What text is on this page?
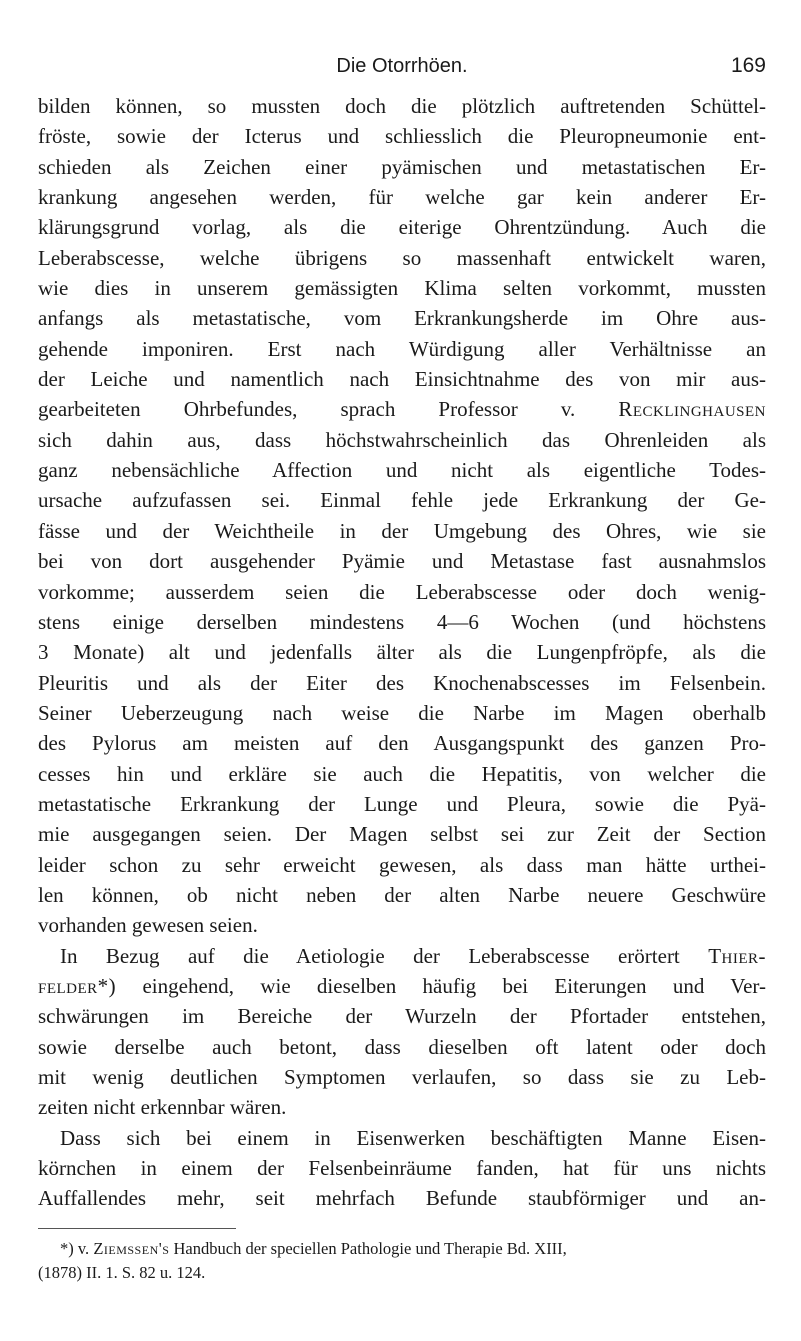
Die Otorrhöen.	169
bilden können, so mussten doch die plötzlich auftretenden Schüttel-
fröste, sowie der Icterus und schliesslich die Pleuropneumonie ent-
schieden als Zeichen einer pyämischen und metastatischen Er-
krankung angesehen werden, für welche gar kein anderer Er-
klärungsgrund vorlag, als die eiterige Ohrentzündung. Auch die
Leberabscesse, welche übrigens so massenhaft entwickelt waren,
wie dies in unserem gemässigten Klima selten vorkommt, mussten
anfangs als metastatische, vom Erkrankungsherde im Ohre aus-
gehende imponiren. Erst nach Würdigung aller Verhältnisse an
der Leiche und namentlich nach Einsichtnahme des von mir aus-
gearbeiteten Ohrbefundes, sprach Professor v. Recklinghausen
sich dahin aus, dass höchstwahrscheinlich das Ohrenleiden als
ganz nebensächliche Affection und nicht als eigentliche Todes-
ursache aufzufassen sei. Einmal fehle jede Erkrankung der Ge-
fässe und der Weichtheile in der Umgebung des Ohres, wie sie
bei von dort ausgehender Pyämie und Metastase fast ausnahmslos
vorkomme; ausserdem seien die Leberabscesse oder doch wenig-
stens einige derselben mindestens 4—6 Wochen (und höchstens
3 Monate) alt und jedenfalls älter als die Lungenpfröpfe, als die
Pleuritis und als der Eiter des Knochenabscesses im Felsenbein.
Seiner Ueberzeugung nach weise die Narbe im Magen oberhalb
des Pylorus am meisten auf den Ausgangspunkt des ganzen Pro-
cesses hin und erkläre sie auch die Hepatitis, von welcher die
metastatische Erkrankung der Lunge und Pleura, sowie die Pyä-
mie ausgegangen seien. Der Magen selbst sei zur Zeit der Section
leider schon zu sehr erweicht gewesen, als dass man hätte urthei-
len können, ob nicht neben der alten Narbe neuere Geschwüre
vorhanden gewesen seien.
In Bezug auf die Aetiologie der Leberabscesse erörtert Thier-
felder*) eingehend, wie dieselben häufig bei Eiterungen und Ver-
schwärungen im Bereiche der Wurzeln der Pfortader entstehen,
sowie derselbe auch betont, dass dieselben oft latent oder doch
mit wenig deutlichen Symptomen verlaufen, so dass sie zu Leb-
zeiten nicht erkennbar wären.
Dass sich bei einem in Eisenwerken beschäftigten Manne Eisen-
körnchen in einem der Felsenbeinräume fanden, hat für uns nichts
Auffallendes mehr, seit mehrfach Befunde staubförmiger und an-
*) v. Ziemssen's Handbuch der speciellen Pathologie und Therapie Bd. XIII,
(1878) II. 1. S. 82 u. 124.
